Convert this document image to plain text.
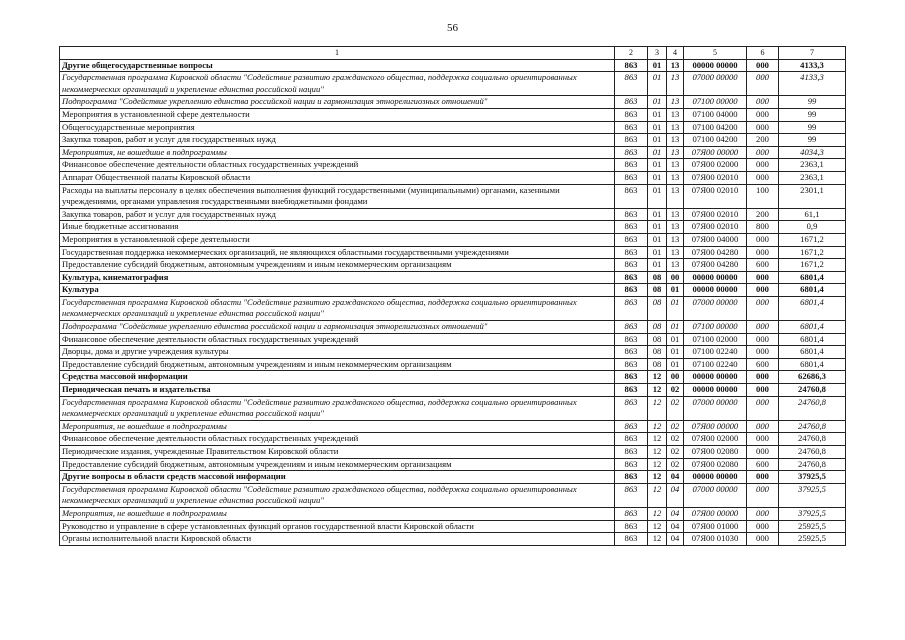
56
1	2	3	4	5	6	7
Другие общегосударственные вопросы	863	01	13	00000 00000	000	4133,3
Государственная программа Кировской области "Содействие развитию гражданского общества, поддержка социально ориентированных некоммерческих организаций и укрепление единства российской нации"	863	01	13	07000 00000	000	4133,3
Подпрограмма "Содействие укреплению единства российской нации и гармонизация этнорелигиозных отношений"	863	01	13	07100 00000	000	99
Мероприятия в установленной сфере деятельности	863	01	13	07100 04000	000	99
Общегосударственные мероприятия	863	01	13	07100 04200	000	99
Закупка товаров, работ и услуг для государственных нужд	863	01	13	07100 04200	200	99
Мероприятия, не вошедшие в подпрограммы	863	01	13	07Я00 00000	000	4034,3
Финансовое обеспечение деятельности областных государственных учреждений	863	01	13	07Я00 02000	000	2363,1
Аппарат Общественной палаты Кировской области	863	01	13	07Я00 02010	000	2363,1
Расходы на выплаты персоналу в целях обеспечения выполнения функций государственными (муниципальными) органами, казенными учреждениями, органами управления государственными внебюджетными фондами	863	01	13	07Я00 02010	100	2301,1
Закупка товаров, работ и услуг для государственных нужд	863	01	13	07Я00 02010	200	61,1
Иные бюджетные ассигнования	863	01	13	07Я00 02010	800	0,9
Мероприятия в установленной сфере деятельности	863	01	13	07Я00 04000	000	1671,2
Государственная поддержка некоммерческих организаций, не являющихся областными государственными учреждениями	863	01	13	07Я00 04280	000	1671,2
Предоставление субсидий бюджетным, автономным учреждениям и иным некоммерческим организациям	863	01	13	07Я00 04280	600	1671,2
Культура, кинематография	863	08	00	00000 00000	000	6801,4
Культура	863	08	01	00000 00000	000	6801,4
Государственная программа Кировской области "Содействие развитию гражданского общества, поддержка социально ориентированных некоммерческих организаций и укрепление единства российской нации"	863	08	01	07000 00000	000	6801,4
Подпрограмма "Содействие укреплению единства российской нации и гармонизация этнорелигиозных отношений"	863	08	01	07100 00000	000	6801,4
Финансовое обеспечение деятельности областных государственных учреждений	863	08	01	07100 02000	000	6801,4
Дворцы, дома и другие учреждения культуры	863	08	01	07100 02240	000	6801,4
Предоставление субсидий бюджетным, автономным учреждениям и иным некоммерческим организациям	863	08	01	07100 02240	600	6801,4
Средства массовой информации	863	12	00	00000 00000	000	62686,3
Периодическая печать и издательства	863	12	02	00000 00000	000	24760,8
Государственная программа Кировской области "Содействие развитию гражданского общества, поддержка социально ориентированных некоммерческих организаций и укрепление единства российской нации"	863	12	02	07000 00000	000	24760,8
Мероприятия, не вошедшие в подпрограммы	863	12	02	07Я00 00000	000	24760,8
Финансовое обеспечение деятельности областных государственных учреждений	863	12	02	07Я00 02000	000	24760,8
Периодические издания, учрежденные Правительством Кировской области	863	12	02	07Я00 02080	000	24760,8
Предоставление субсидий бюджетным, автономным учреждениям и иным некоммерческим организациям	863	12	02	07Я00 02080	600	24760,8
Другие вопросы в области средств массовой информации	863	12	04	00000 00000	000	37925,5
Государственная программа Кировской области "Содействие развитию гражданского общества, поддержка социально ориентированных некоммерческих организаций и укрепление единства российской нации"	863	12	04	07000 00000	000	37925,5
Мероприятия, не вошедшие в подпрограммы	863	12	04	07Я00 00000	000	37925,5
Руководство и управление в сфере установленных функций органов государственной власти Кировской области	863	12	04	07Я00 01000	000	25925,5
Органы исполнительной власти Кировской области	863	12	04	07Я00 01030	000	25925,5
